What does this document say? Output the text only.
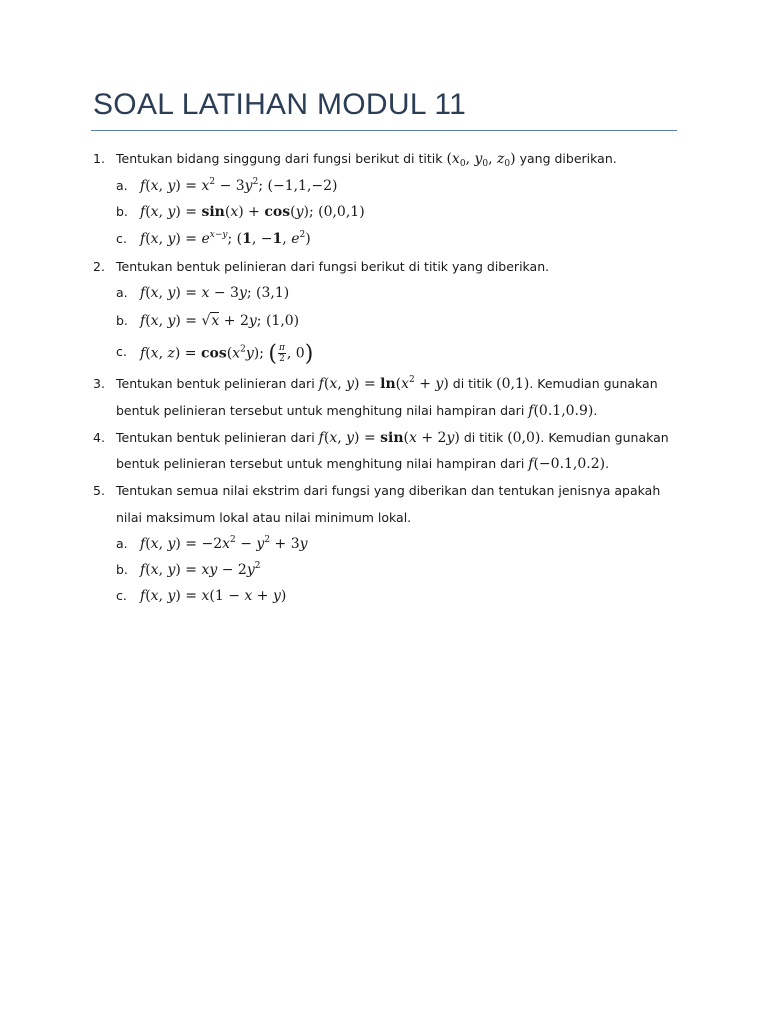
SOAL LATIHAN MODUL 11
1. Tentukan bidang singgung dari fungsi berikut di titik ($x_0$, $y_0$, $z_0$) yang diberikan.
a. f(x, $y) = x^2 - 3y^2$; (−1,1,−2)
b. f(x, y) = sin(x) + cos(y); (0,0,1)
c. f(x, $y) = e^{x-y}$; (1, −1, $e^2$)
2. Tentukan bentuk pelinieran dari fungsi berikut di titik yang diberikan.
a. f(x, y) = x − 3y; (3,1)
b. f(x, y) = √x + 2y; (1,0)
c. f(x, $z) = \cos(x^2y)$; ( $\frac{\pi}{2}$ , 0)
3. Tentukan bentuk pelinieran dari f(x, $y) = \ln(x^2 + y)$ di titik (0,1). Kemudian gunakan
bentuk pelinieran tersebut untuk menghitung nilai hampiran dari f(0.1,0.9).
4. Tentukan bentuk pelinieran dari f(x, y) = sin(x + 2y) di titik (0,0). Kemudian gunakan
bentuk pelinieran tersebut untuk menghitung nilai hampiran dari f(−0.1,0.2).
5. Tentukan semua nilai ekstrim dari fungsi yang diberikan dan tentukan jenisnya apakah
nilai maksimum lokal atau nilai minimum lokal.
a. f(x, $y) = -2x^2 - y^2 + 3y$
b. f(x, y) = xy − $2y^2$
c. f(x, y) = x(1 − x + y)
